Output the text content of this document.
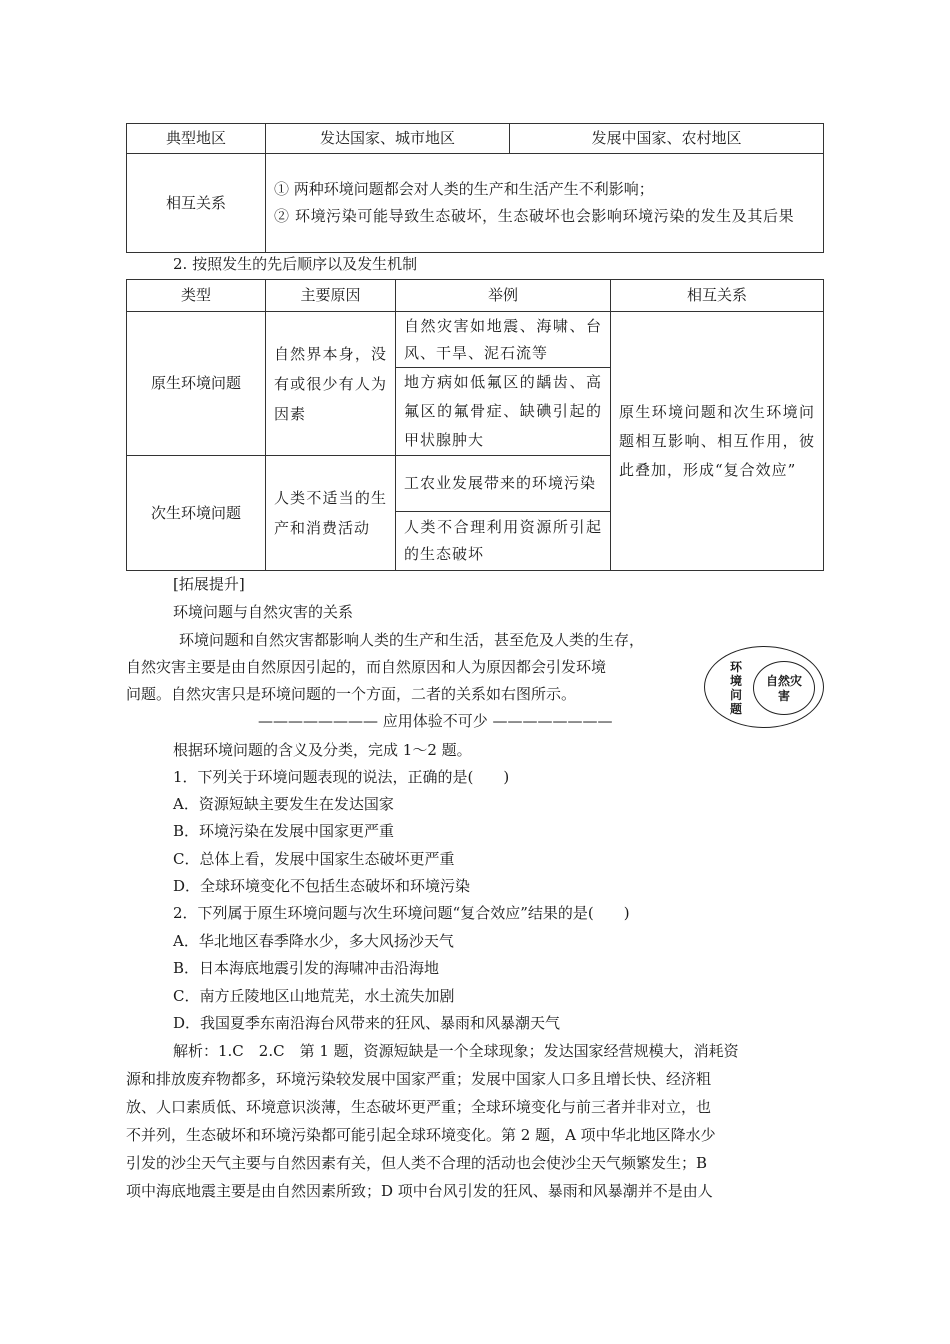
典型地区	发达国家、城市地区	发展中国家、农村地区
相互关系	① 两种环境问题都会对人类的生产和生活产生不利影响；
② 环境污染可能导致生态破坏，生态破坏也会影响环境污染的发生及其后果	
2. 按照发生的先后顺序以及发生机制
类型	主要原因	举例	相互关系
原生环境问题	自然界本身，没有或很少有人为因素	自然灾害如地震、海啸、台风、干旱、泥石流等	原生环境问题和次生环境问题相互影响、相互作用，彼此叠加，形成“复合效应”
		地方病如低氟区的龋齿、高氟区的氟骨症、缺碘引起的甲状腺肿大	
次生环境问题	人类不适当的生产和消费活动	工农业发展带来的环境污染	
		人类不合理利用资源所引起的生态破坏	
[拓展提升]
环境问题与自然灾害的关系
环境问题和自然灾害都影响人类的生产和生活，甚至危及人类的生存，
自然灾害主要是由自然原因引起的，而自然原因和人为原因都会引发环境
问题。自然灾害只是环境问题的一个方面，二者的关系如右图所示。
环境问题
自然灾害
———————— 应用体验不可少 ————————
根据环境问题的含义及分类，完成 1～2 题。
1．下列关于环境问题表现的说法，正确的是(　　)
A．资源短缺主要发生在发达国家
B．环境污染在发展中国家更严重
C．总体上看，发展中国家生态破坏更严重
D．全球环境变化不包括生态破坏和环境污染
2．下列属于原生环境问题与次生环境问题“复合效应”结果的是(　　)
A．华北地区春季降水少，多大风扬沙天气
B．日本海底地震引发的海啸冲击沿海地
C．南方丘陵地区山地荒芜，水土流失加剧
D．我国夏季东南沿海台风带来的狂风、暴雨和风暴潮天气
解析：1.C　2.C　第 1 题，资源短缺是一个全球现象；发达国家经营规模大，消耗资
源和排放废弃物都多，环境污染较发展中国家严重；发展中国家人口多且增长快、经济粗
放、人口素质低、环境意识淡薄，生态破坏更严重；全球环境变化与前三者并非对立，也
不并列，生态破坏和环境污染都可能引起全球环境变化。第 2 题，A 项中华北地区降水少
引发的沙尘天气主要与自然因素有关，但人类不合理的活动也会使沙尘天气频繁发生；B
项中海底地震主要是由自然因素所致；D 项中台风引发的狂风、暴雨和风暴潮并不是由人
